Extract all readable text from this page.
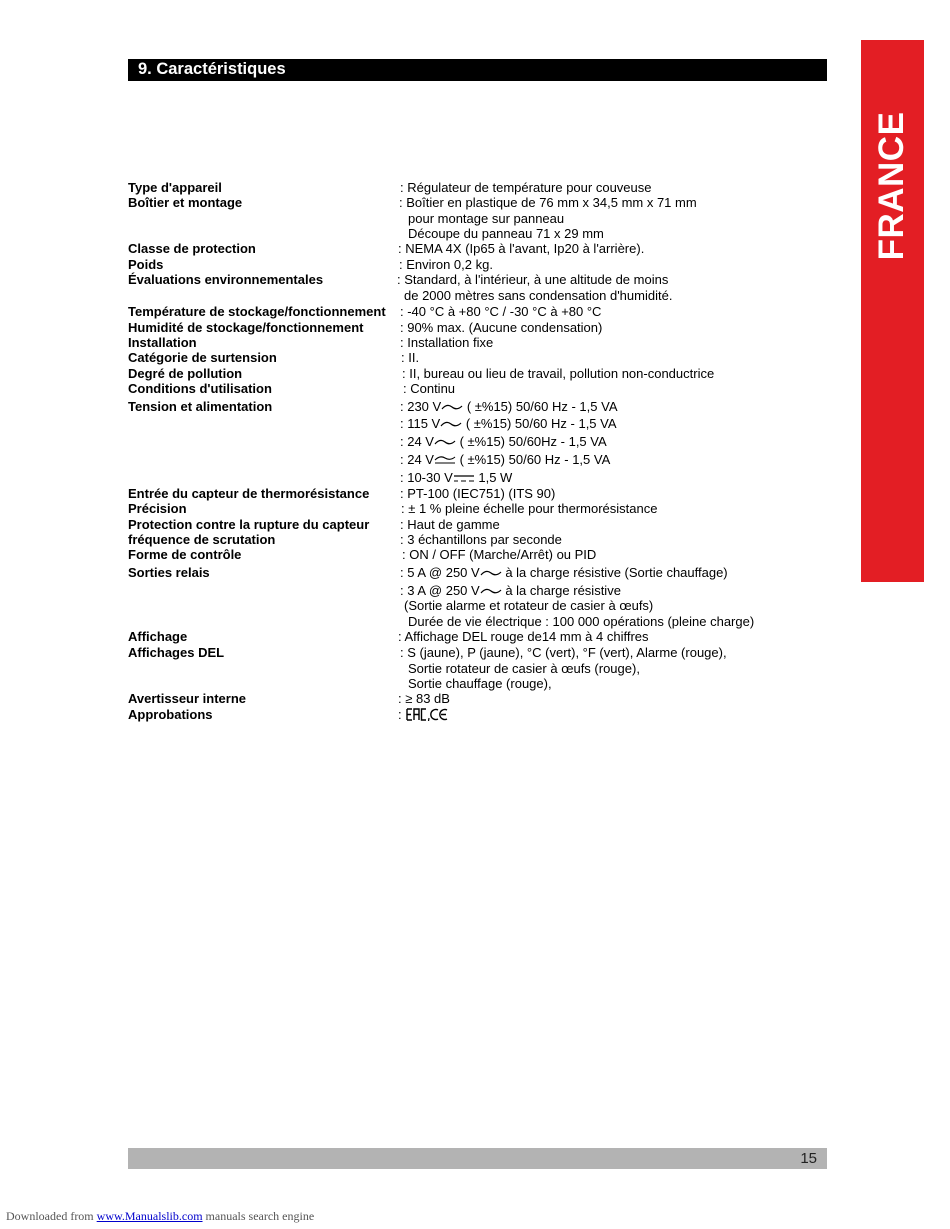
9. Caractéristiques
FRANCE
Type d'appareil	: Régulateur de température pour couveuse
Boîtier et montage	: Boîtier en plastique de 76 mm x 34,5 mm x 71 mm
pour montage sur panneau
Découpe du panneau 71 x 29 mm
Classe de protection	: NEMA 4X (Ip65 à l'avant, Ip20 à l'arrière).
Poids	: Environ 0,2 kg.
Évaluations environnementales	: Standard, à l'intérieur, à une altitude de moins
de 2000 mètres sans condensation d'humidité.
Température de stockage/fonctionnement : -40 °C à +80 °C / -30 °C à +80 °C
Humidité de stockage/fonctionnement	: 90% max. (Aucune condensation)
Installation	: Installation fixe
Catégorie de surtension	: II.
Degré de pollution	: II, bureau ou lieu de travail, pollution non-conductrice
Conditions d'utilisation	: Continu
Tension et alimentation	: 230 V ( ±%15) 50/60 Hz - 1,5 VA
: 115 V ( ±%15) 50/60 Hz - 1,5 VA
: 24 V ( ±%15) 50/60Hz - 1,5 VA
: 24 V ( ±%15) 50/60 Hz - 1,5 VA
: 10-30 V 1,5 W
Entrée du capteur de thermorésistance : PT-100 (IEC751) (ITS 90)
Précision	: ± 1 % pleine échelle pour thermorésistance
Protection contre la rupture du capteur : Haut de gamme
fréquence de scrutation	: 3 échantillons par seconde
Forme de contrôle	: ON / OFF (Marche/Arrêt) ou PID
Sorties relais	: 5 A @ 250 V à la charge résistive (Sortie chauffage)
: 3 A @ 250 V à la charge résistive
(Sortie alarme et rotateur de casier à œufs)
Durée de vie électrique : 100 000 opérations (pleine charge)
Affichage	: Affichage DEL rouge de14 mm à 4 chiffres
Affichages DEL	: S (jaune), P (jaune), °C (vert), °F (vert), Alarme (rouge),
Sortie rotateur de casier à œufs (rouge),
Sortie chauffage (rouge),
Avertisseur interne	: ≥ 83 dB
Approbations	:
15
Downloaded from www.Manualslib.com manuals search engine
